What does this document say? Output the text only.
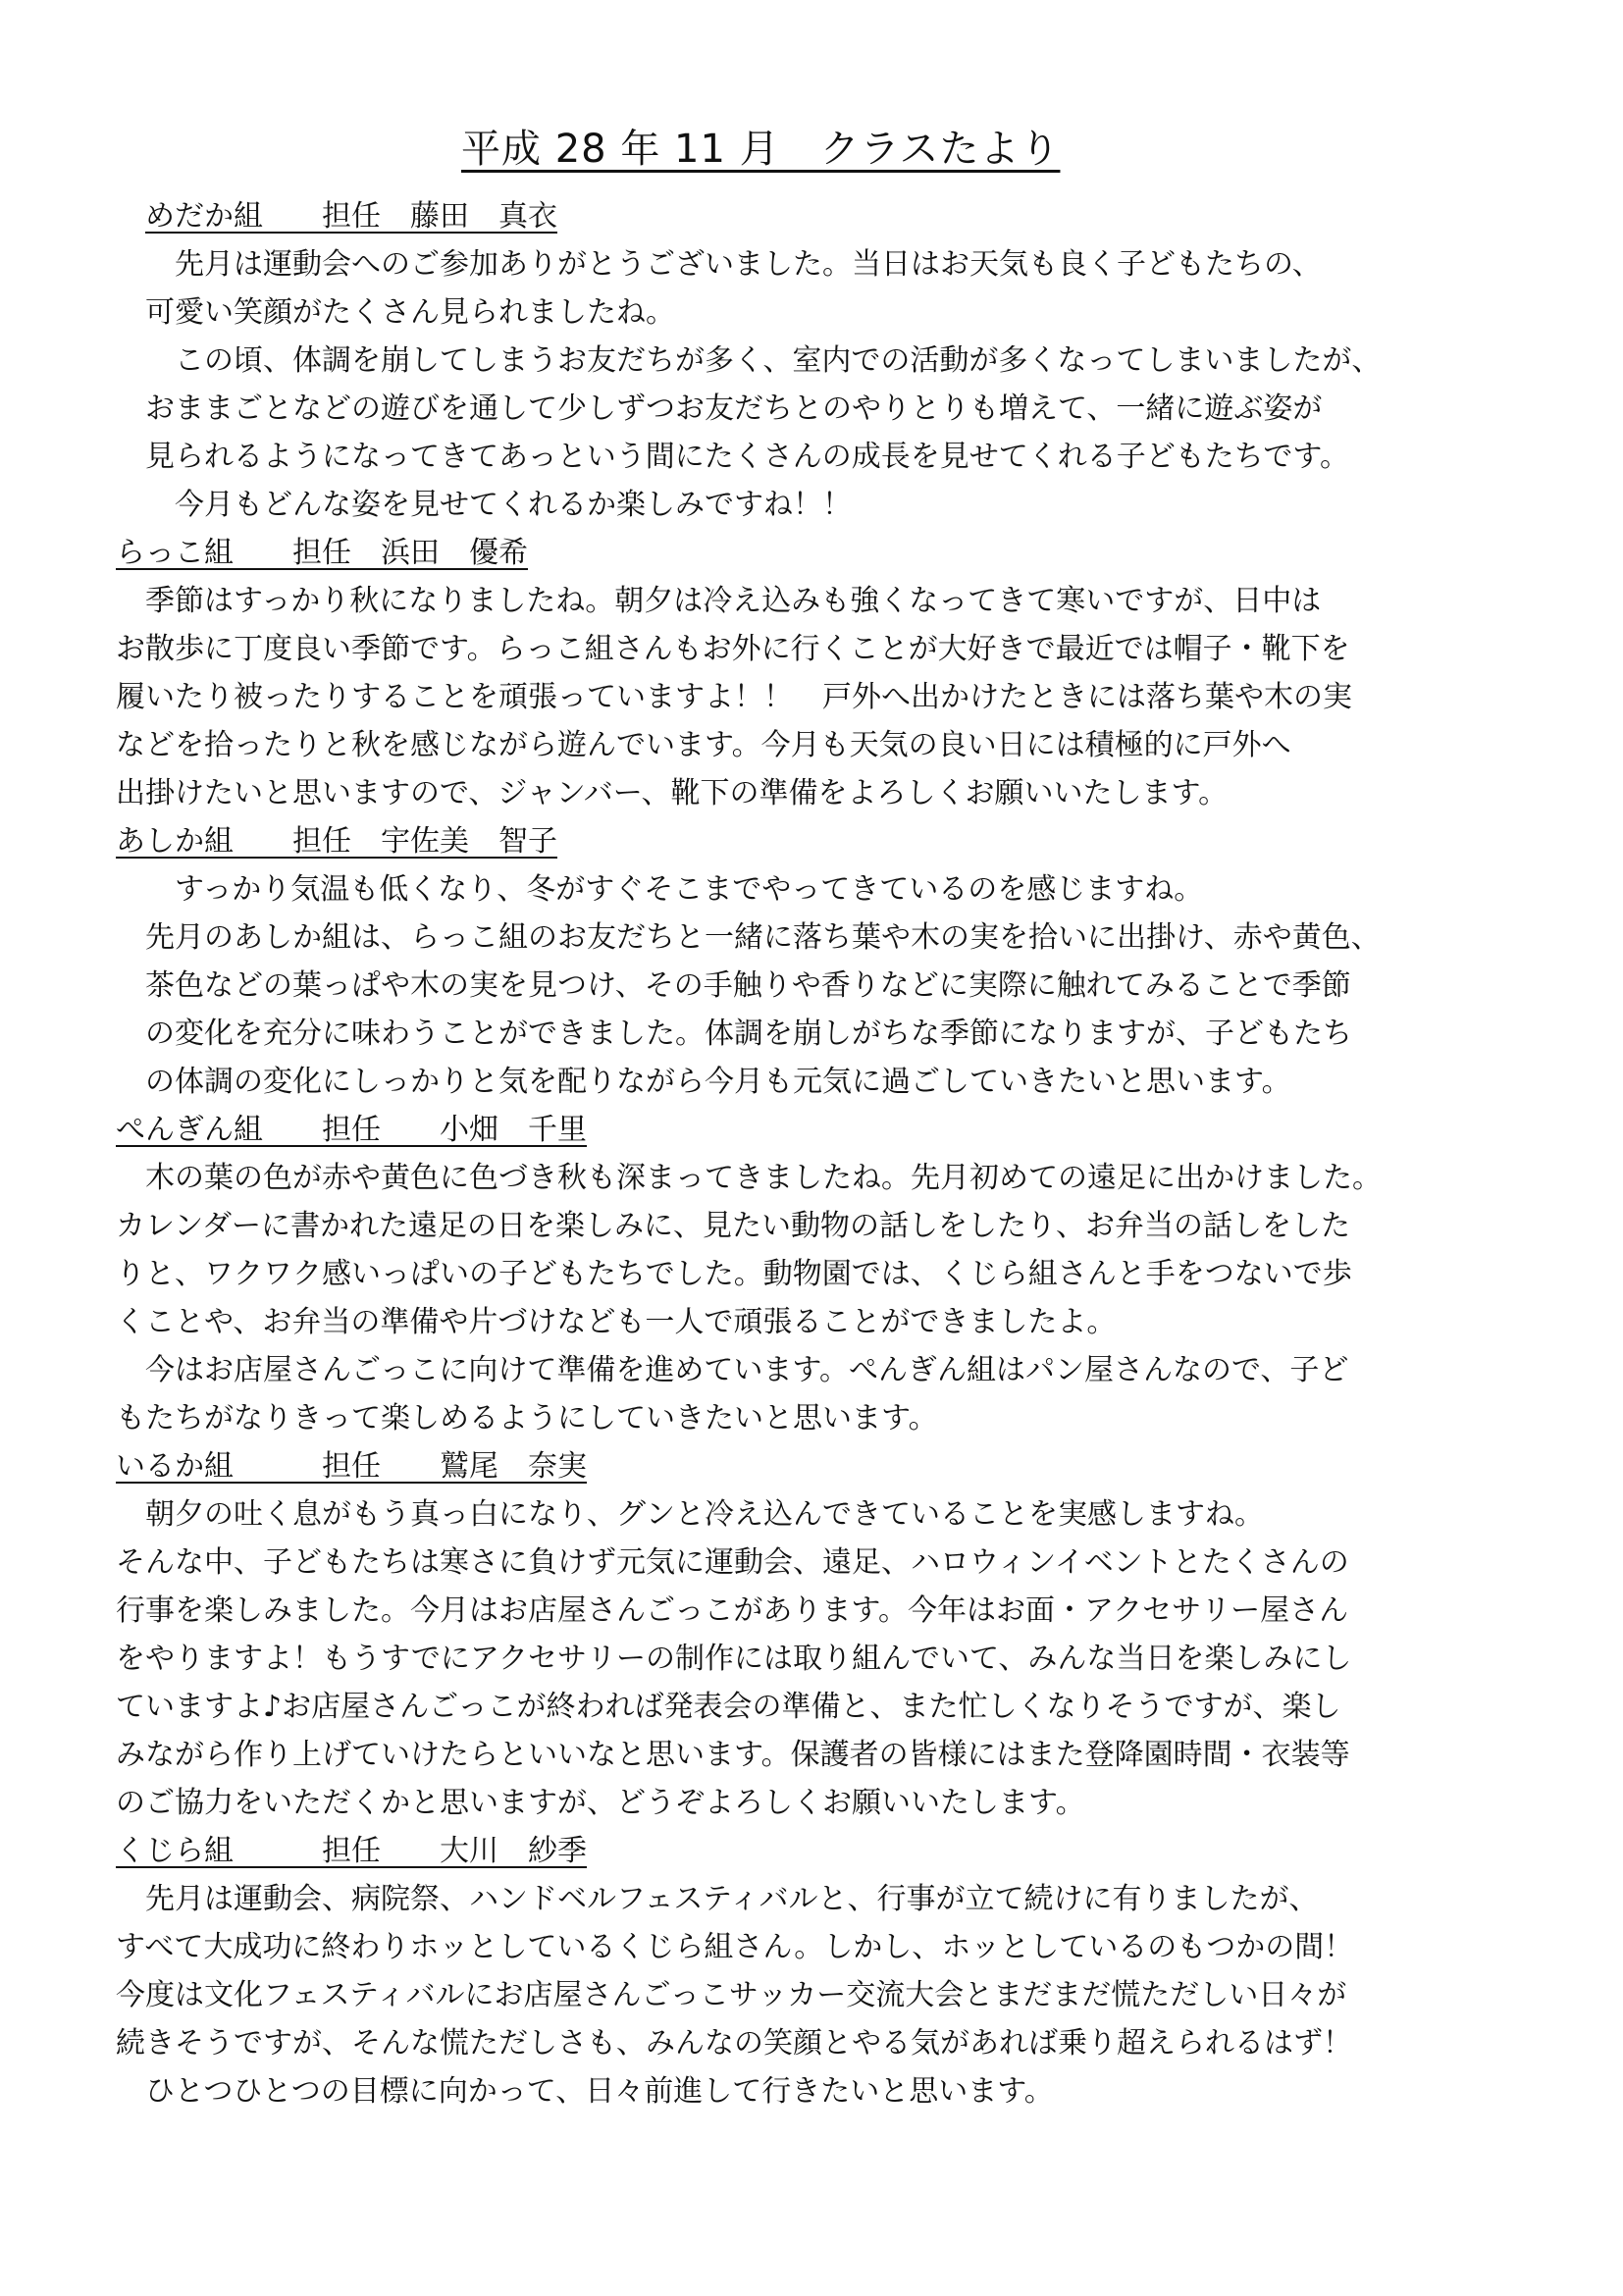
平成 28 年 11 月　クラスたより
めだか組　　担任　藤田　真衣
　先月は運動会へのご参加ありがとうございました。当日はお天気も良く子どもたちの、
可愛い笑顔がたくさん見られましたね。
　この頃、体調を崩してしまうお友だちが多く、室内での活動が多くなってしまいましたが、
おままごとなどの遊びを通して少しずつお友だちとのやりとりも増えて、一緒に遊ぶ姿が
見られるようになってきてあっという間にたくさんの成長を見せてくれる子どもたちです。
　今月もどんな姿を見せてくれるか楽しみですね！！
らっこ組　　担任　浜田　優希
　季節はすっかり秋になりましたね。朝夕は冷え込みも強くなってきて寒いですが、日中は
お散歩に丁度良い季節です。らっこ組さんもお外に行くことが大好きで最近では帽子・靴下を
履いたり被ったりすることを頑張っていますよ！！　戸外へ出かけたときには落ち葉や木の実
などを拾ったりと秋を感じながら遊んでいます。今月も天気の良い日には積極的に戸外へ
出掛けたいと思いますので、ジャンバー、靴下の準備をよろしくお願いいたします。
あしか組　　担任　宇佐美　智子
　すっかり気温も低くなり、冬がすぐそこまでやってきているのを感じますね。
先月のあしか組は、らっこ組のお友だちと一緒に落ち葉や木の実を拾いに出掛け、赤や黄色、
茶色などの葉っぱや木の実を見つけ、その手触りや香りなどに実際に触れてみることで季節
の変化を充分に味わうことができました。体調を崩しがちな季節になりますが、子どもたち
の体調の変化にしっかりと気を配りながら今月も元気に過ごしていきたいと思います。
ぺんぎん組　　担任　　小畑　千里
　木の葉の色が赤や黄色に色づき秋も深まってきましたね。先月初めての遠足に出かけました。
カレンダーに書かれた遠足の日を楽しみに、見たい動物の話しをしたり、お弁当の話しをした
りと、ワクワク感いっぱいの子どもたちでした。動物園では、くじら組さんと手をつないで歩
くことや、お弁当の準備や片づけなども一人で頑張ることができましたよ。
　今はお店屋さんごっこに向けて準備を進めています。ぺんぎん組はパン屋さんなので、子ど
もたちがなりきって楽しめるようにしていきたいと思います。
いるか組　　　担任　　鷲尾　奈実
　朝夕の吐く息がもう真っ白になり、グンと冷え込んできていることを実感しますね。
そんな中、子どもたちは寒さに負けず元気に運動会、遠足、ハロウィンイベントとたくさんの
行事を楽しみました。今月はお店屋さんごっこがあります。今年はお面・アクセサリー屋さん
をやりますよ！もうすでにアクセサリーの制作には取り組んでいて、みんな当日を楽しみにし
ていますよ♪お店屋さんごっこが終われば発表会の準備と、また忙しくなりそうですが、楽し
みながら作り上げていけたらといいなと思います。保護者の皆様にはまた登降園時間・衣装等
のご協力をいただくかと思いますが、どうぞよろしくお願いいたします。
くじら組　　　担任　　大川　紗季
　先月は運動会、病院祭、ハンドベルフェスティバルと、行事が立て続けに有りましたが、
すべて大成功に終わりホッとしているくじら組さん。しかし、ホッとしているのもつかの間！
今度は文化フェスティバルにお店屋さんごっこサッカー交流大会とまだまだ慌ただしい日々が
続きそうですが、そんな慌ただしさも、みんなの笑顔とやる気があれば乗り超えられるはず！
　ひとつひとつの目標に向かって、日々前進して行きたいと思います。
